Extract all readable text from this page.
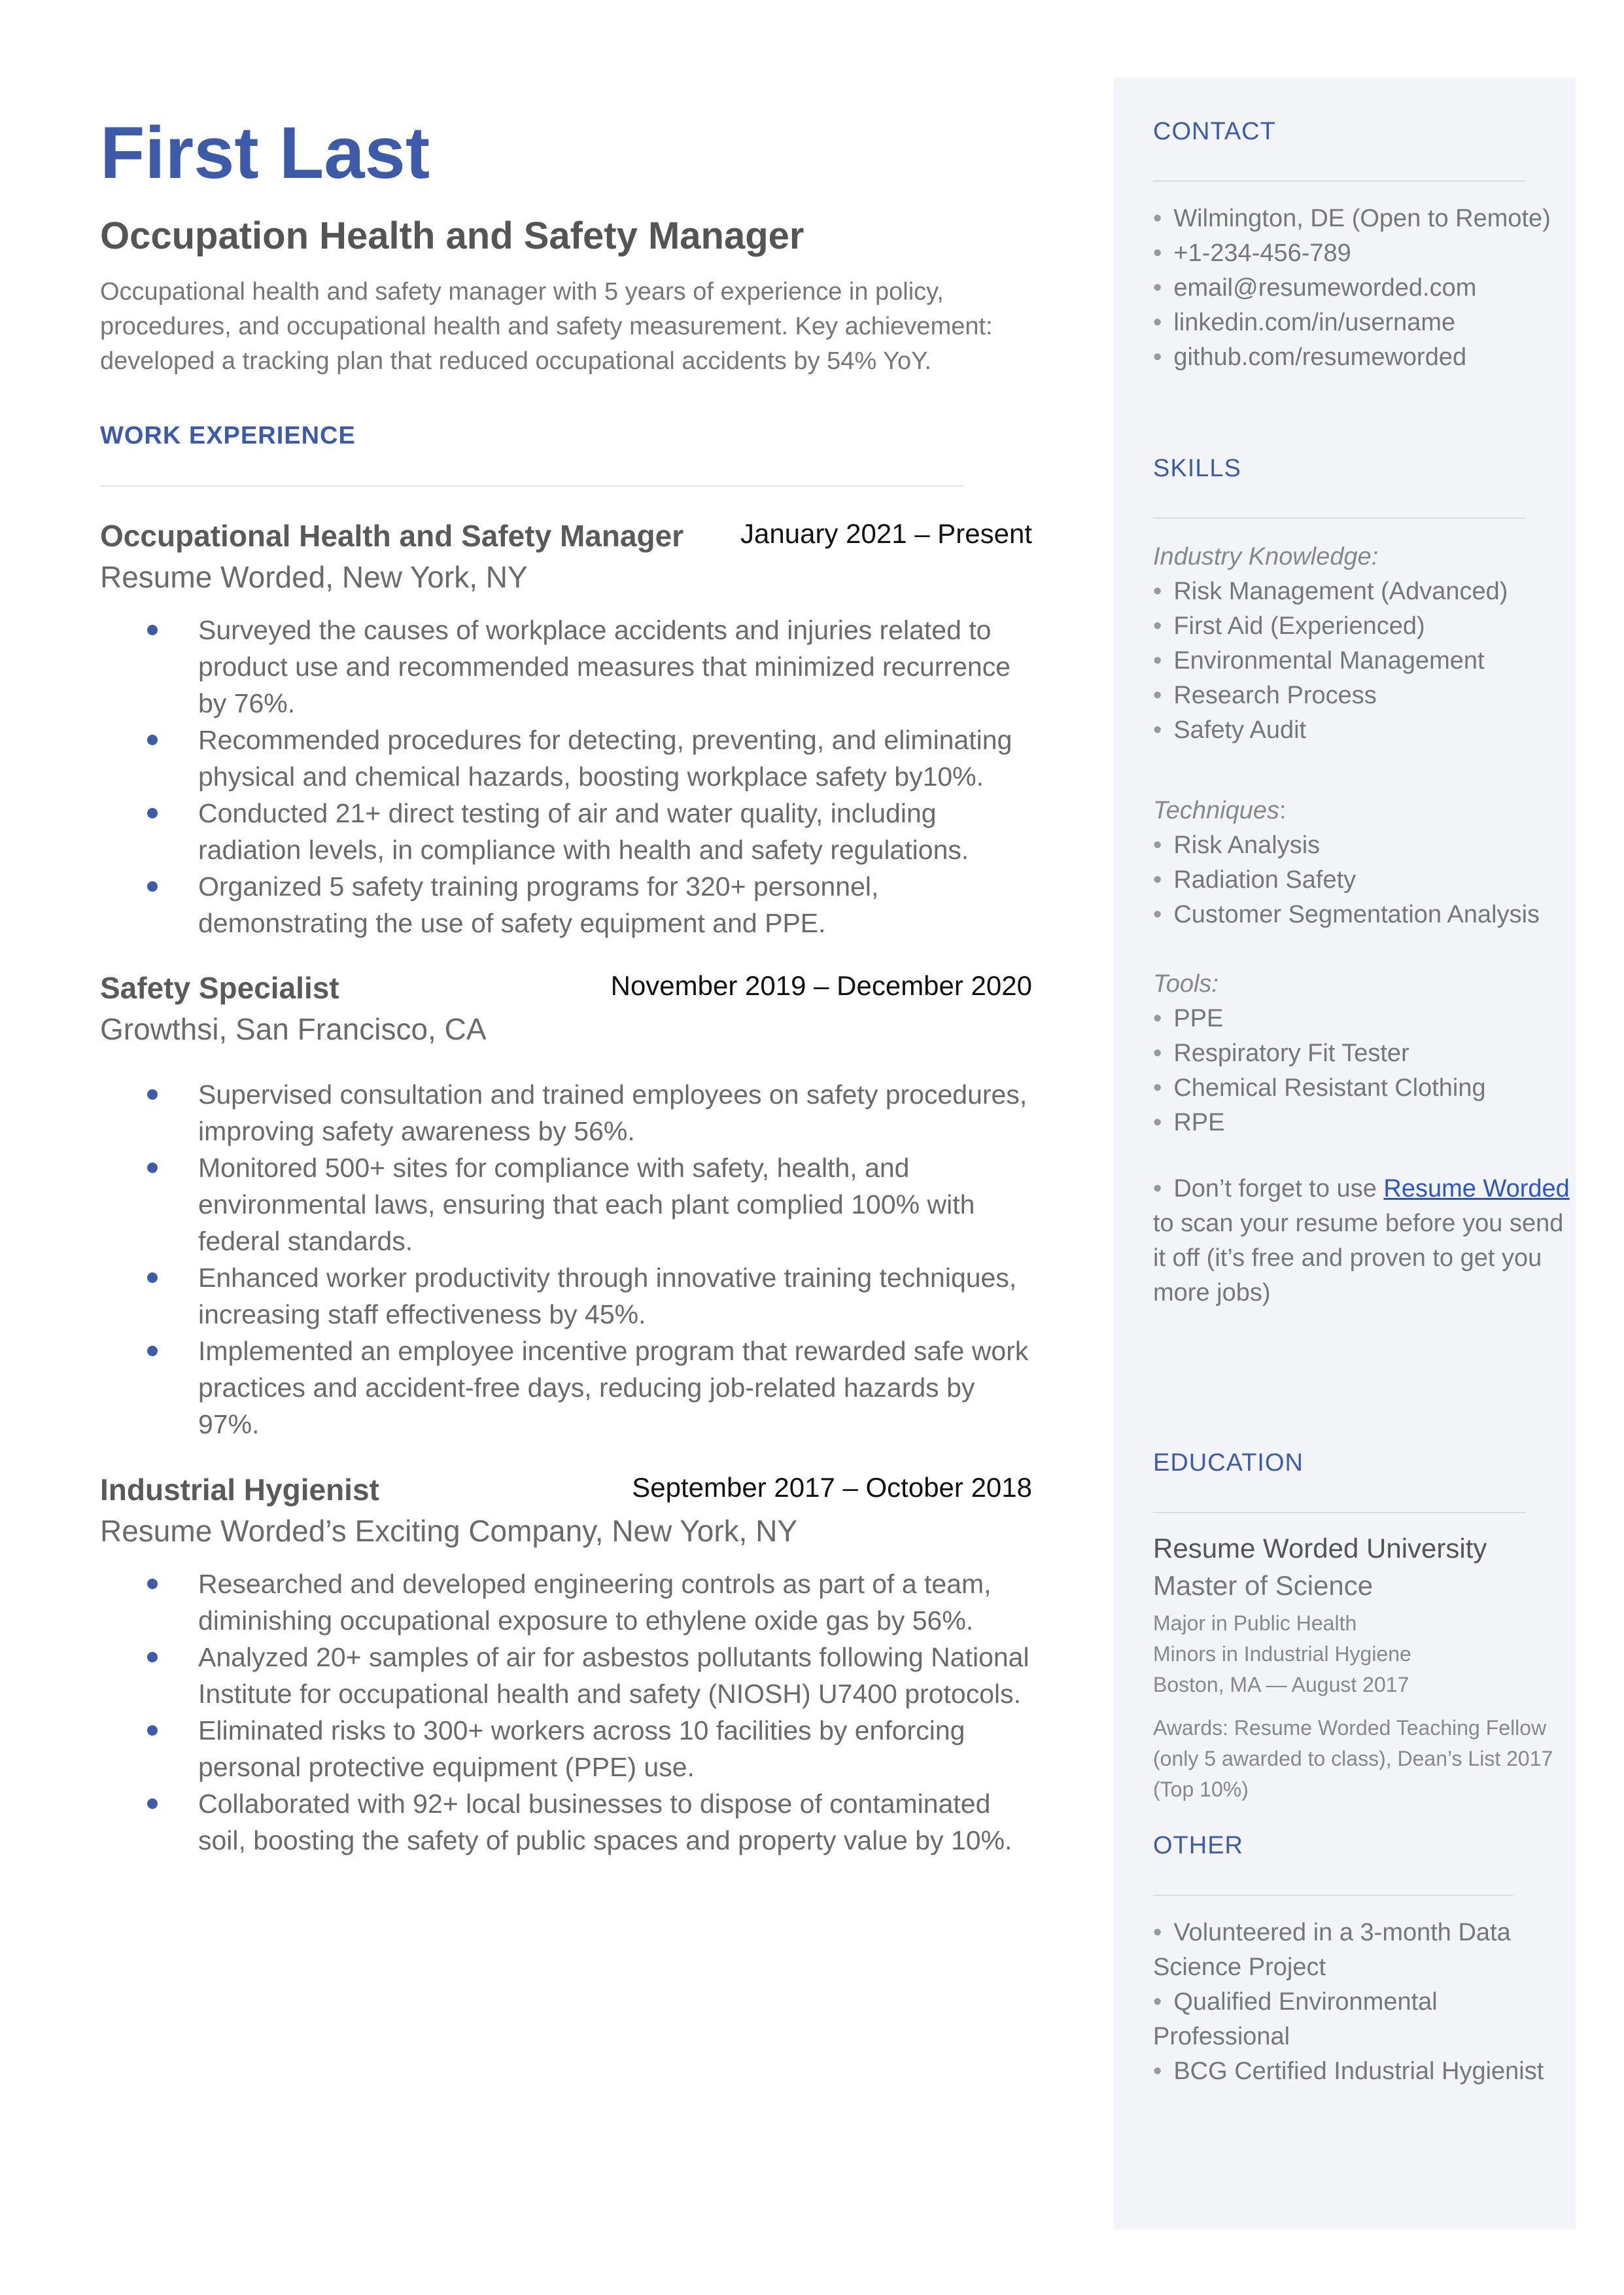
First Last
Occupation Health and Safety Manager

Occupational health and safety manager with 5 years of experience in policy, procedures, and occupational health and safety measurement. Key achievement: developed a tracking plan that reduced occupational accidents by 54% YoY.

WORK EXPERIENCE
Occupational Health and Safety Manager January 2021 – Present
Resume Worded, New York, NY
Surveyed the causes of workplace accidents and injuries related to product use and recommended measures that minimized recurrence by 76%.
Recommended procedures for detecting, preventing, and eliminating physical and chemical hazards, boosting workplace safety by10%.
Conducted 21+ direct testing of air and water quality, including radiation levels, in compliance with health and safety regulations.
Organized 5 safety training programs for 320+ personnel, demonstrating the use of safety equipment and PPE.
Safety Specialist	November 2019 – December 2020
Growthsi, San Francisco, CA
Supervised consultation and trained employees on safety procedures, improving safety awareness by 56%.
Monitored 500+ sites for compliance with safety, health, and environmental laws, ensuring that each plant complied 100% with federal standards.
Enhanced worker productivity through innovative training techniques, increasing staff effectiveness by 45%.
Implemented an employee incentive program that rewarded safe work practices and accident-free days, reducing job-related hazards by 97%.
Industrial Hygienist	September 2017 – October 2018
Resume Worded’s Exciting Company, New York, NY
Researched and developed engineering controls as part of a team, diminishing occupational exposure to ethylene oxide gas by 56%.
Analyzed 20+ samples of air for asbestos pollutants following National Institute for occupational health and safety (NIOSH) U7400 protocols.
Eliminated risks to 300+ workers across 10 facilities by enforcing personal protective equipment (PPE) use.
Collaborated with 92+ local businesses to dispose of contaminated soil, boosting the safety of public spaces and property value by 10%.
CONTACT
• Wilmington, DE (Open to Remote)
• +1-234-456-789
• email@resumeworded.com
• linkedin.com/in/username
• github.com/resumeworded
SKILLS
Industry Knowledge:
• Risk Management (Advanced)
• First Aid (Experienced)
• Environmental Management
• Research Process
• Safety Audit
Techniques:
• Risk Analysis
• Radiation Safety
• Customer Segmentation Analysis
Tools:
• PPE
• Respiratory Fit Tester
• Chemical Resistant Clothing
• RPE
• Don’t forget to use Resume Worded to scan your resume before you send it off (it’s free and proven to get you more jobs)
EDUCATION
Resume Worded University
Master of Science
Major in Public Health
Minors in Industrial Hygiene
Boston, MA — August 2017
Awards: Resume Worded Teaching Fellow (only 5 awarded to class), Dean’s List 2017 (Top 10%)
OTHER
• Volunteered in a 3-month Data Science Project
• Qualified Environmental Professional
• BCG Certified Industrial Hygienist
